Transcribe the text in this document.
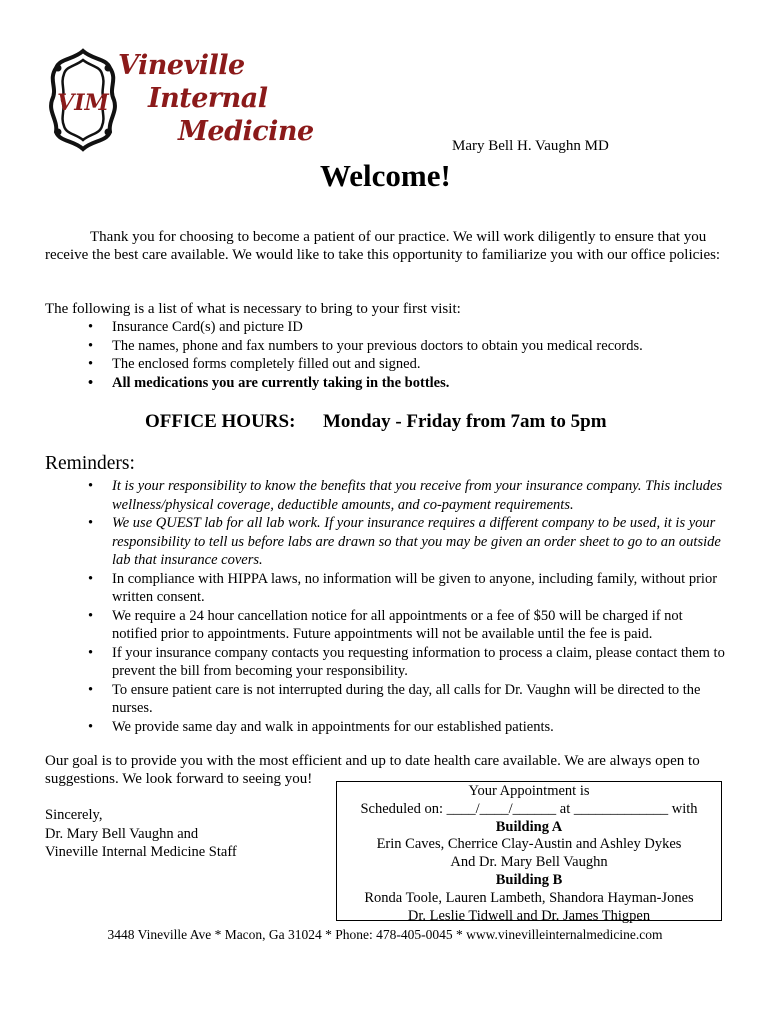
VIM
Vineville
Internal
Medicine	Mary Bell H. Vaughn MD
Welcome!
Thank you for choosing to become a patient of our practice. We will work diligently to ensure that you receive the best care available. We would like to take this opportunity to familiarize you with our office policies:
The following is a list of what is necessary to bring to your first visit:
• Insurance Card(s) and picture ID
• The names, phone and fax numbers to your previous doctors to obtain you medical records.
• The enclosed forms completely filled out and signed.
• All medications you are currently taking in the bottles.
OFFICE HOURS: Monday - Friday from 7am to 5pm
Reminders:
• It is your responsibility to know the benefits that you receive from your insurance company. This includes wellness/physical coverage, deductible amounts, and co-payment requirements.
• We use QUEST lab for all lab work. If your insurance requires a different company to be used, it is your responsibility to tell us before labs are drawn so that you may be given an order sheet to go to an outside lab that insurance covers.
• In compliance with HIPPA laws, no information will be given to anyone, including family, without prior written consent.
• We require a 24 hour cancellation notice for all appointments or a fee of $50 will be charged if not notified prior to appointments. Future appointments will not be available until the fee is paid.
• If your insurance company contacts you requesting information to process a claim, please contact them to prevent the bill from becoming your responsibility.
• To ensure patient care is not interrupted during the day, all calls for Dr. Vaughn will be directed to the nurses.
• We provide same day and walk in appointments for our established patients.
Our goal is to provide you with the most efficient and up to date health care available. We are always open to suggestions. We look forward to seeing you!
Sincerely,
Dr. Mary Bell Vaughn and
Vineville Internal Medicine Staff
Your Appointment is
Scheduled on: ____/____/______ at _____________ with
Building A
Erin Caves, Cherrice Clay-Austin and Ashley Dykes
And Dr. Mary Bell Vaughn
Building B
Ronda Toole, Lauren Lambeth, Shandora Hayman-Jones
Dr. Leslie Tidwell and Dr. James Thigpen
3448 Vineville Ave * Macon, Ga 31024 * Phone: 478-405-0045 * www.vinevilleinternalmedicine.com
